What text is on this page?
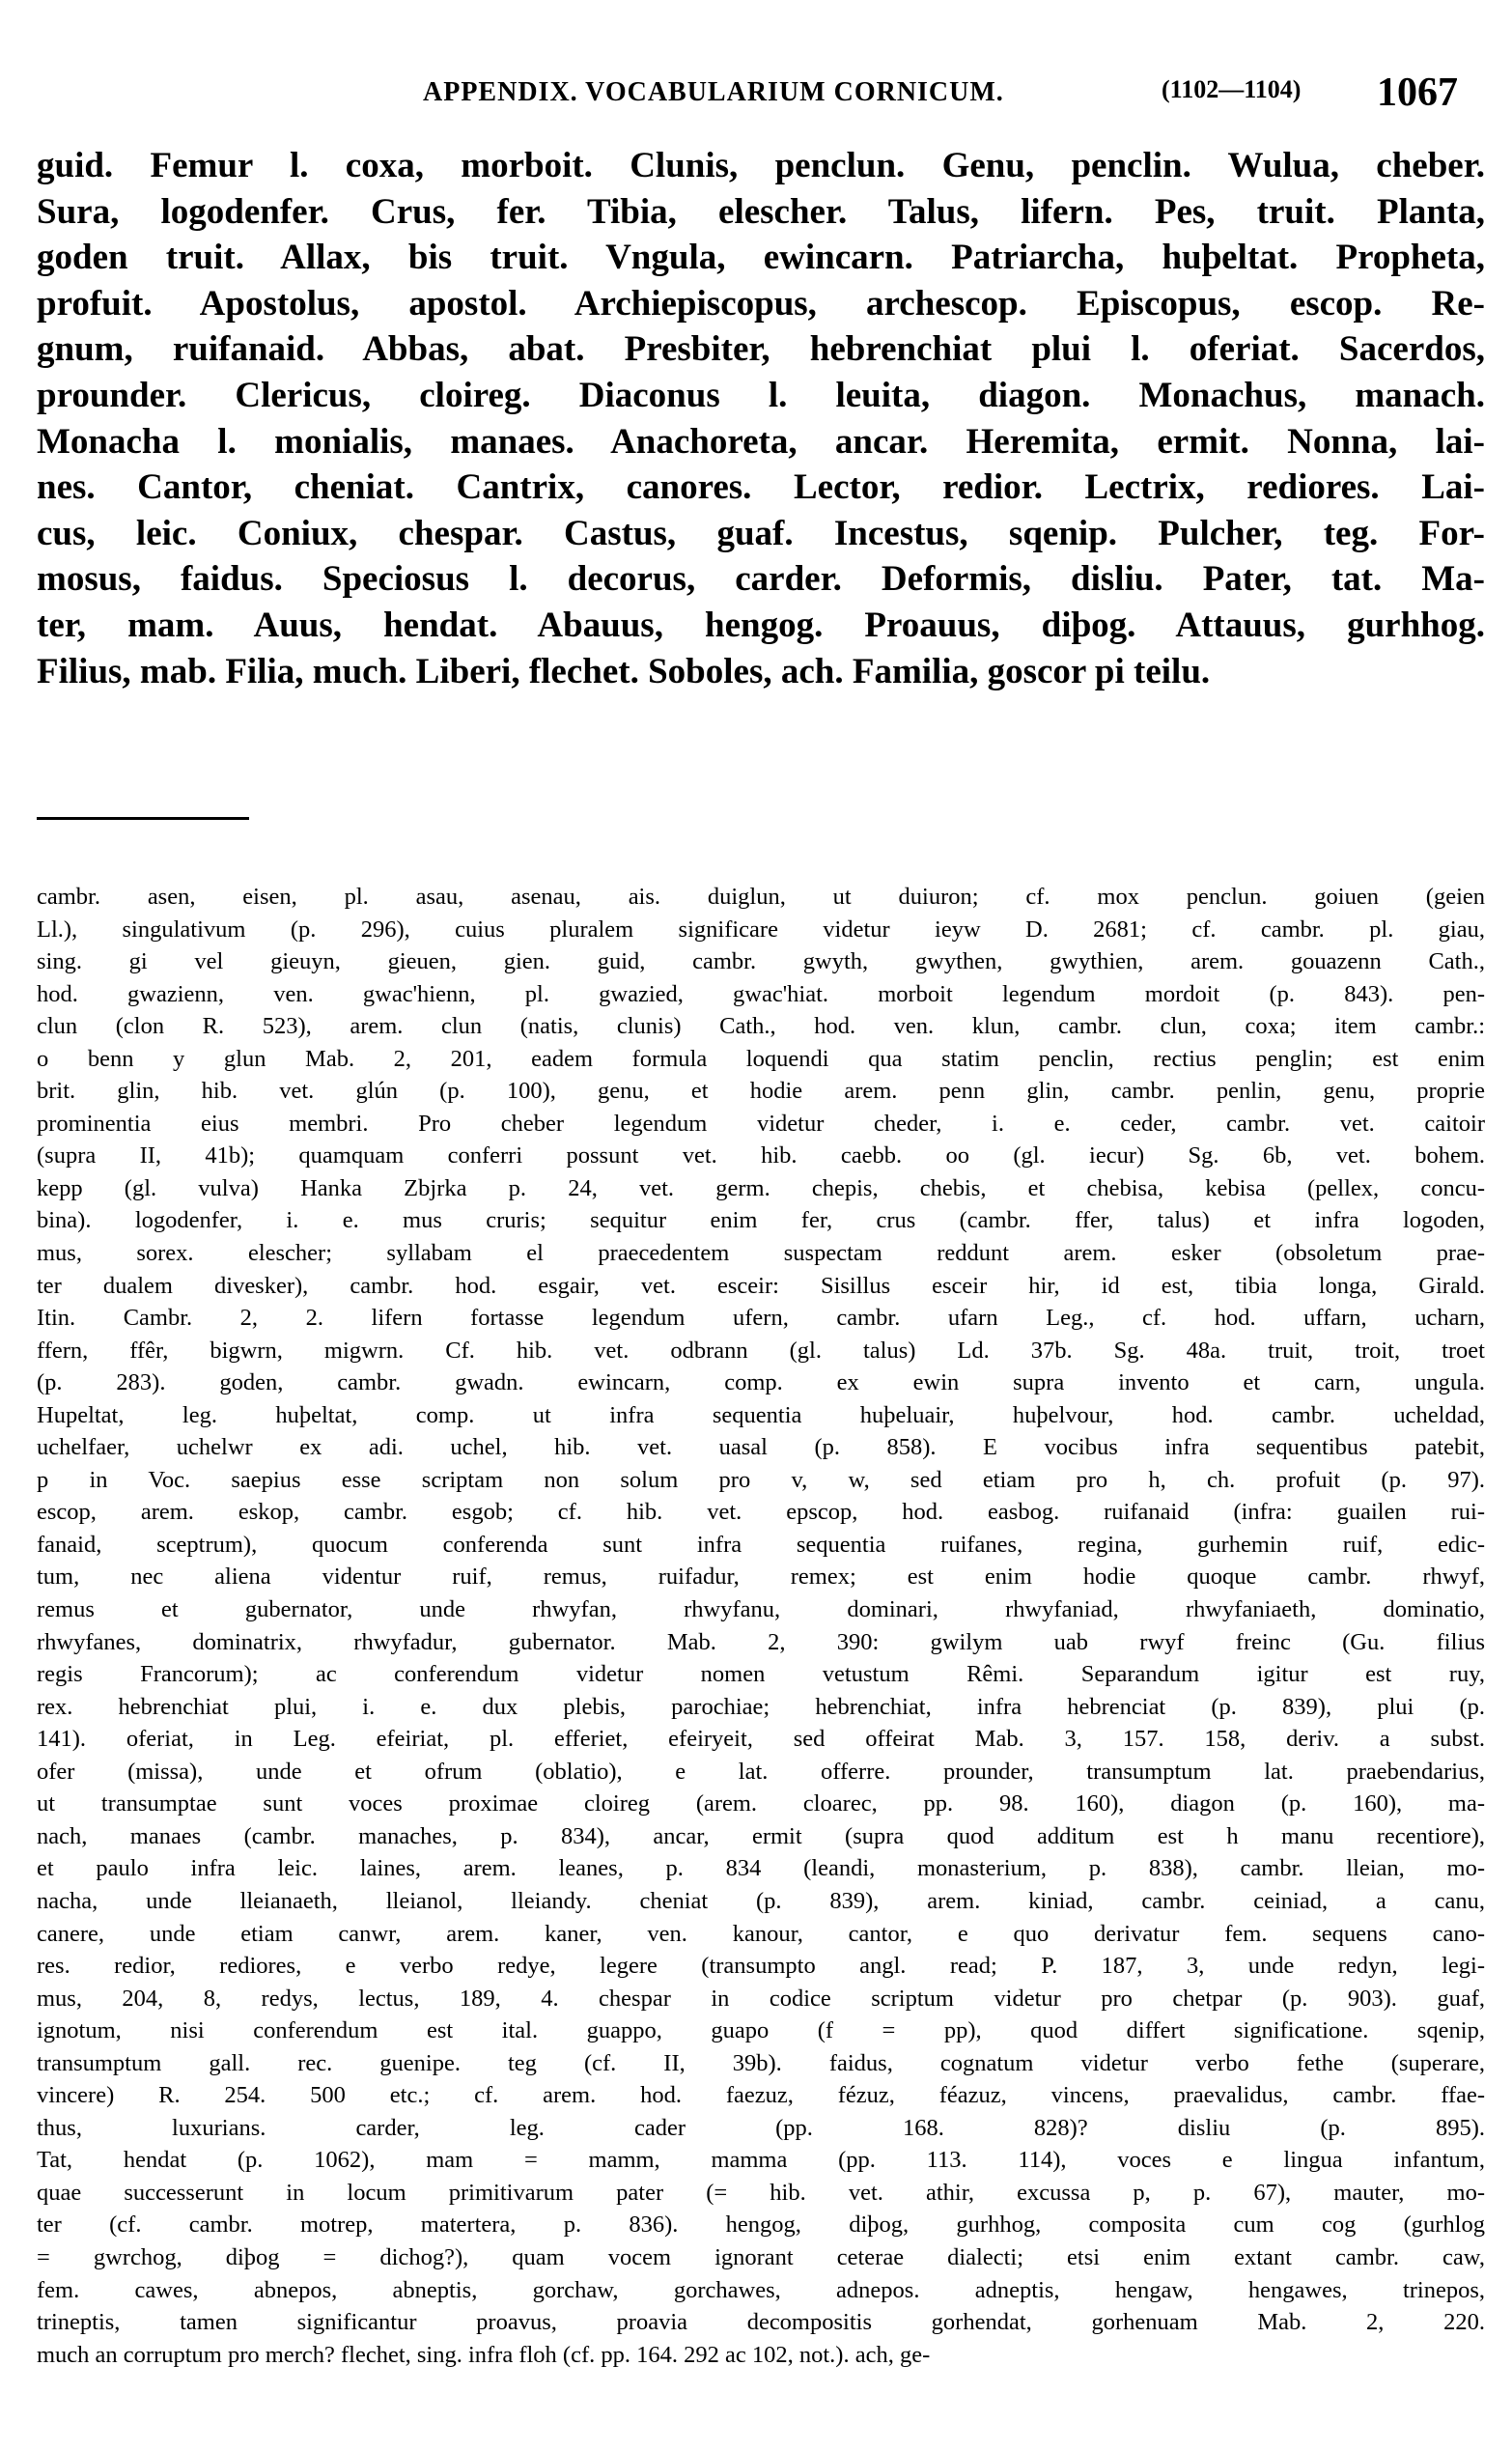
APPENDIX. VOCABULARIUM CORNICUM.	(1102—1104) 1067
guid. Femur l. coxa, morboit. Clunis, penclun. Genu, penclin. Wulua, cheber.
Sura, logodenfer. Crus, fer. Tibia, elescher. Talus, lifern. Pes, truit. Planta,
goden truit. Allax, bis truit. Vngula, ewincarn. Patriarcha, huþeltat. Propheta,
profuit. Apostolus, apostol. Archiepiscopus, archescop. Episcopus, escop. Re-
gnum, ruifanaid. Abbas, abat. Presbiter, hebrenchiat plui l. oferiat. Sacerdos,
prounder. Clericus, cloireg. Diaconus l. leuita, diagon. Monachus, manach.
Monacha l. monialis, manaes. Anachoreta, ancar. Heremita, ermit. Nonna, lai-
nes. Cantor, cheniat. Cantrix, canores. Lector, redior. Lectrix, rediores. Lai-
cus, leic. Coniux, chespar. Castus, guaf. Incestus, sqenip. Pulcher, teg. For-
mosus, faidus. Speciosus l. decorus, carder. Deformis, disliu. Pater, tat. Ma-
ter, mam. Auus, hendat. Abauus, hengog. Proauus, diþog. Attauus, gurhhog.
Filius, mab. Filia, much. Liberi, flechet. Soboles, ach. Familia, goscor pi teilu.
cambr. asen, eisen, pl. asau, asenau, ais. duiglun, ut duiuron; cf. mox penclun. goiuen (geien
Ll.), singulativum (p. 296), cuius pluralem significare videtur ieyw D. 2681; cf. cambr. pl. giau,
sing. gi vel gieuyn, gieuen, gien. guid, cambr. gwyth, gwythen, gwythien, arem. gouazenn Cath.,
hod. gwazienn, ven. gwac'hienn, pl. gwazied, gwac'hiat. morboit legendum mordoit (p. 843). pen-
clun (clon R. 523), arem. clun (natis, clunis) Cath., hod. ven. klun, cambr. clun, coxa; item cambr.:
o benn y glun Mab. 2, 201, eadem formula loquendi qua statim penclin, rectius penglin; est enim
brit. glin, hib. vet. glún (p. 100), genu, et hodie arem. penn glin, cambr. penlin, genu, proprie
prominentia eius membri. Pro cheber legendum videtur cheder, i. e. ceder, cambr. vet. caitoir
(supra II, 41b); quamquam conferri possunt vet. hib. caebb. oo (gl. iecur) Sg. 6b, vet. bohem.
kepp (gl. vulva) Hanka Zbjrka p. 24, vet. germ. chepis, chebis, et chebisa, kebisa (pellex, concu-
bina). logodenfer, i. e. mus cruris; sequitur enim fer, crus (cambr. ffer, talus) et infra logoden,
mus, sorex. elescher; syllabam el praecedentem suspectam reddunt arem. esker (obsoletum prae-
ter dualem divesker), cambr. hod. esgair, vet. esceir: Sisillus esceir hir, id est, tibia longa, Girald.
Itin. Cambr. 2, 2. lifern fortasse legendum ufern, cambr. ufarn Leg., cf. hod. uffarn, ucharn,
ffern, ffêr, bigwrn, migwrn. Cf. hib. vet. odbrann (gl. talus) Ld. 37b. Sg. 48a. truit, troit, troet
(p. 283). goden, cambr. gwadn. ewincarn, comp. ex ewin supra invento et carn, ungula.
Hupeltat, leg. huþeltat, comp. ut infra sequentia huþeluair, huþelvour, hod. cambr. ucheldad,
uchelfaer, uchelwr ex adi. uchel, hib. vet. uasal (p. 858). E vocibus infra sequentibus patebit,
p in Voc. saepius esse scriptam non solum pro v, w, sed etiam pro h, ch. profuit (p. 97).
escop, arem. eskop, cambr. esgob; cf. hib. vet. epscop, hod. easbog. ruifanaid (infra: guailen rui-
fanaid, sceptrum), quocum conferenda sunt infra sequentia ruifanes, regina, gurhemin ruif, edic-
tum, nec aliena videntur ruif, remus, ruifadur, remex; est enim hodie quoque cambr. rhwyf,
remus et gubernator, unde rhwyfan, rhwyfanu, dominari, rhwyfaniad, rhwyfaniaeth, dominatio,
rhwyfanes, dominatrix, rhwyfadur, gubernator. Mab. 2, 390: gwilym uab rwyf freinc (Gu. filius
regis Francorum); ac conferendum videtur nomen vetustum Rêmi. Separandum igitur est ruy,
rex. hebrenchiat plui, i. e. dux plebis, parochiae; hebrenchiat, infra hebrenciat (p. 839), plui (p.
141). oferiat, in Leg. efeiriat, pl. efferiet, efeiryeit, sed offeirat Mab. 3, 157. 158, deriv. a subst.
ofer (missa), unde et ofrum (oblatio), e lat. offerre. prounder, transumptum lat. praebendarius,
ut transumptae sunt voces proximae cloireg (arem. cloarec, pp. 98. 160), diagon (p. 160), ma-
nach, manaes (cambr. manaches, p. 834), ancar, ermit (supra quod additum est h manu recentiore),
et paulo infra leic. laines, arem. leanes, p. 834 (leandi, monasterium, p. 838), cambr. lleian, mo-
nacha, unde lleianaeth, lleianol, lleiandy. cheniat (p. 839), arem. kiniad, cambr. ceiniad, a canu,
canere, unde etiam canwr, arem. kaner, ven. kanour, cantor, e quo derivatur fem. sequens cano-
res. redior, rediores, e verbo redye, legere (transumpto angl. read; P. 187, 3, unde redyn, legi-
mus, 204, 8, redys, lectus, 189, 4. chespar in codice scriptum videtur pro chetpar (p. 903). guaf,
ignotum, nisi conferendum est ital. guappo, guapo (f = pp), quod differt significatione. sqenip,
transumptum gall. rec. guenipe. teg (cf. II, 39b). faidus, cognatum videtur verbo fethe (superare,
vincere) R. 254. 500 etc.; cf. arem. hod. faezuz, fézuz, féazuz, vincens, praevalidus, cambr. ffae-
thus, luxurians. carder, leg. cader (pp. 168. 828)? disliu (p. 895).
Tat, hendat (p. 1062), mam = mamm, mamma (pp. 113. 114), voces e lingua infantum,
quae successerunt in locum primitivarum pater (= hib. vet. athir, excussa p, p. 67), mauter, mo-
ter (cf. cambr. motrep, matertera, p. 836). hengog, diþog, gurhhog, composita cum cog (gurhlog
= gwrchog, diþog = dichog?), quam vocem ignorant ceterae dialecti; etsi enim extant cambr. caw,
fem. cawes, abnepos, abneptis, gorchaw, gorchawes, adnepos. adneptis, hengaw, hengawes, trinepos,
trineptis, tamen significantur proavus, proavia decompositis gorhendat, gorhenuam Mab. 2, 220.
much an corruptum pro merch? flechet, sing. infra floh (cf. pp. 164. 292 ac 102, not.). ach, ge-
